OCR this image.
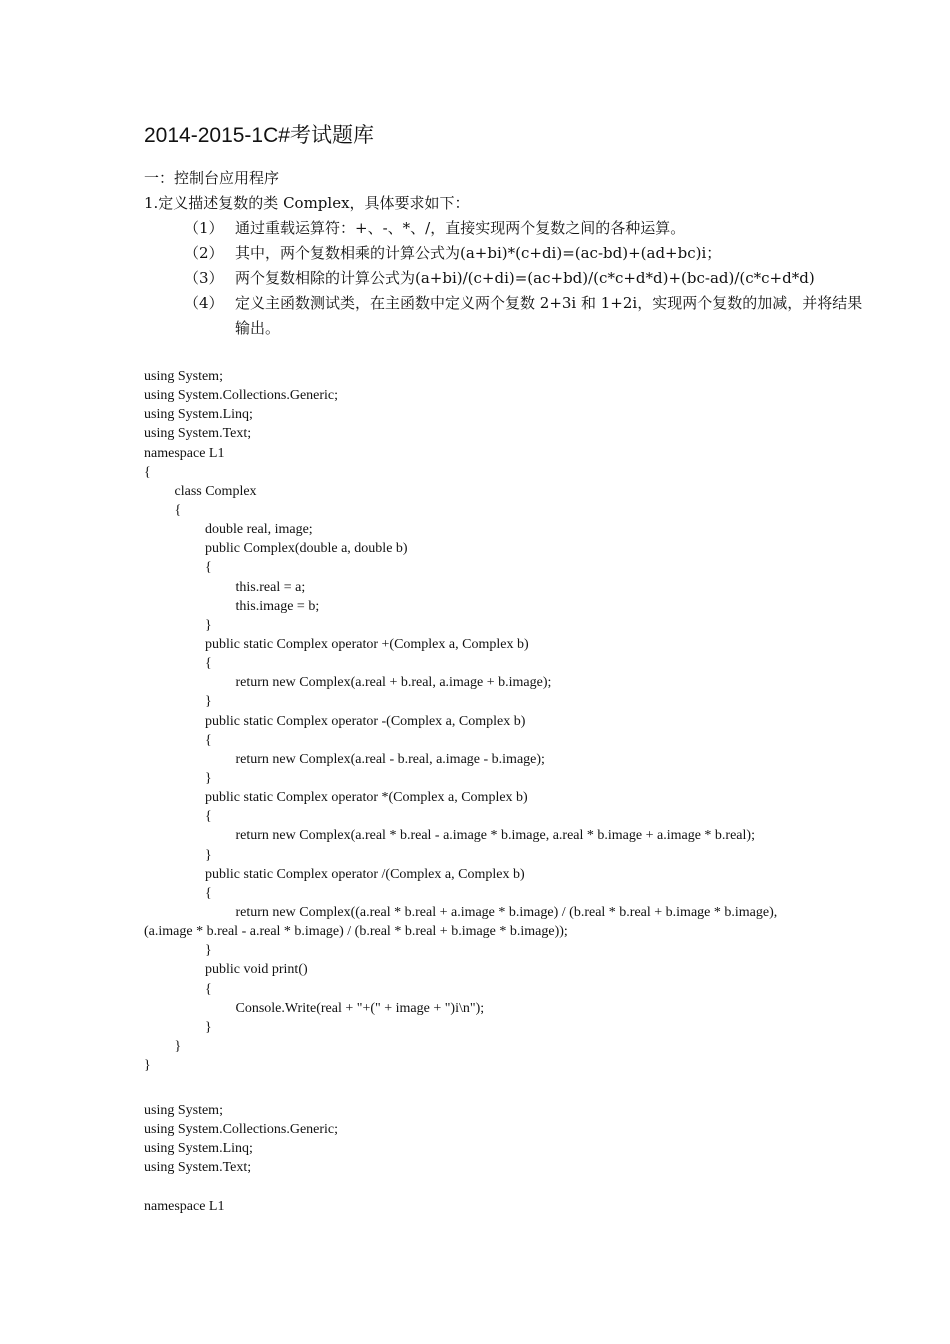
2014-2015-1C#考试题库
一：控制台应用程序
1.定义描述复数的类 Complex，具体要求如下：
（1） 通过重载运算符：+、-、*、/，直接实现两个复数之间的各种运算。
（2） 其中，两个复数相乘的计算公式为(a+bi)*(c+di)=(ac-bd)+(ad+bc)i；
（3） 两个复数相除的计算公式为(a+bi)/(c+di)=(ac+bd)/(c*c+d*d)+(bc-ad)/(c*c+d*d)
（4） 定义主函数测试类，在主函数中定义两个复数 2+3i 和 1+2i，实现两个复数的加减，并将结果输出。
using System;
using System.Collections.Generic;
using System.Linq;
using System.Text;
namespace L1
{
class Complex
{
double real, image;
public Complex(double a, double b)
{
this.real = a;
this.image = b;
}
public static Complex operator +(Complex a, Complex b)
{
return new Complex(a.real + b.real, a.image + b.image);
}
public static Complex operator -(Complex a, Complex b)
{
return new Complex(a.real - b.real, a.image - b.image);
}
public static Complex operator *(Complex a, Complex b)
{
return new Complex(a.real * b.real - a.image * b.image, a.real * b.image + a.image * b.real);
}
public static Complex operator /(Complex a, Complex b)
{
return new Complex((a.real * b.real + a.image * b.image) / (b.real * b.real + b.image * b.image),
(a.image * b.real - a.real * b.image) / (b.real * b.real + b.image * b.image));
}
public void print()
{
Console.Write(real + "+(" + image + ")i\n");
}
}
}
using System;
using System.Collections.Generic;
using System.Linq;
using System.Text;
namespace L1
